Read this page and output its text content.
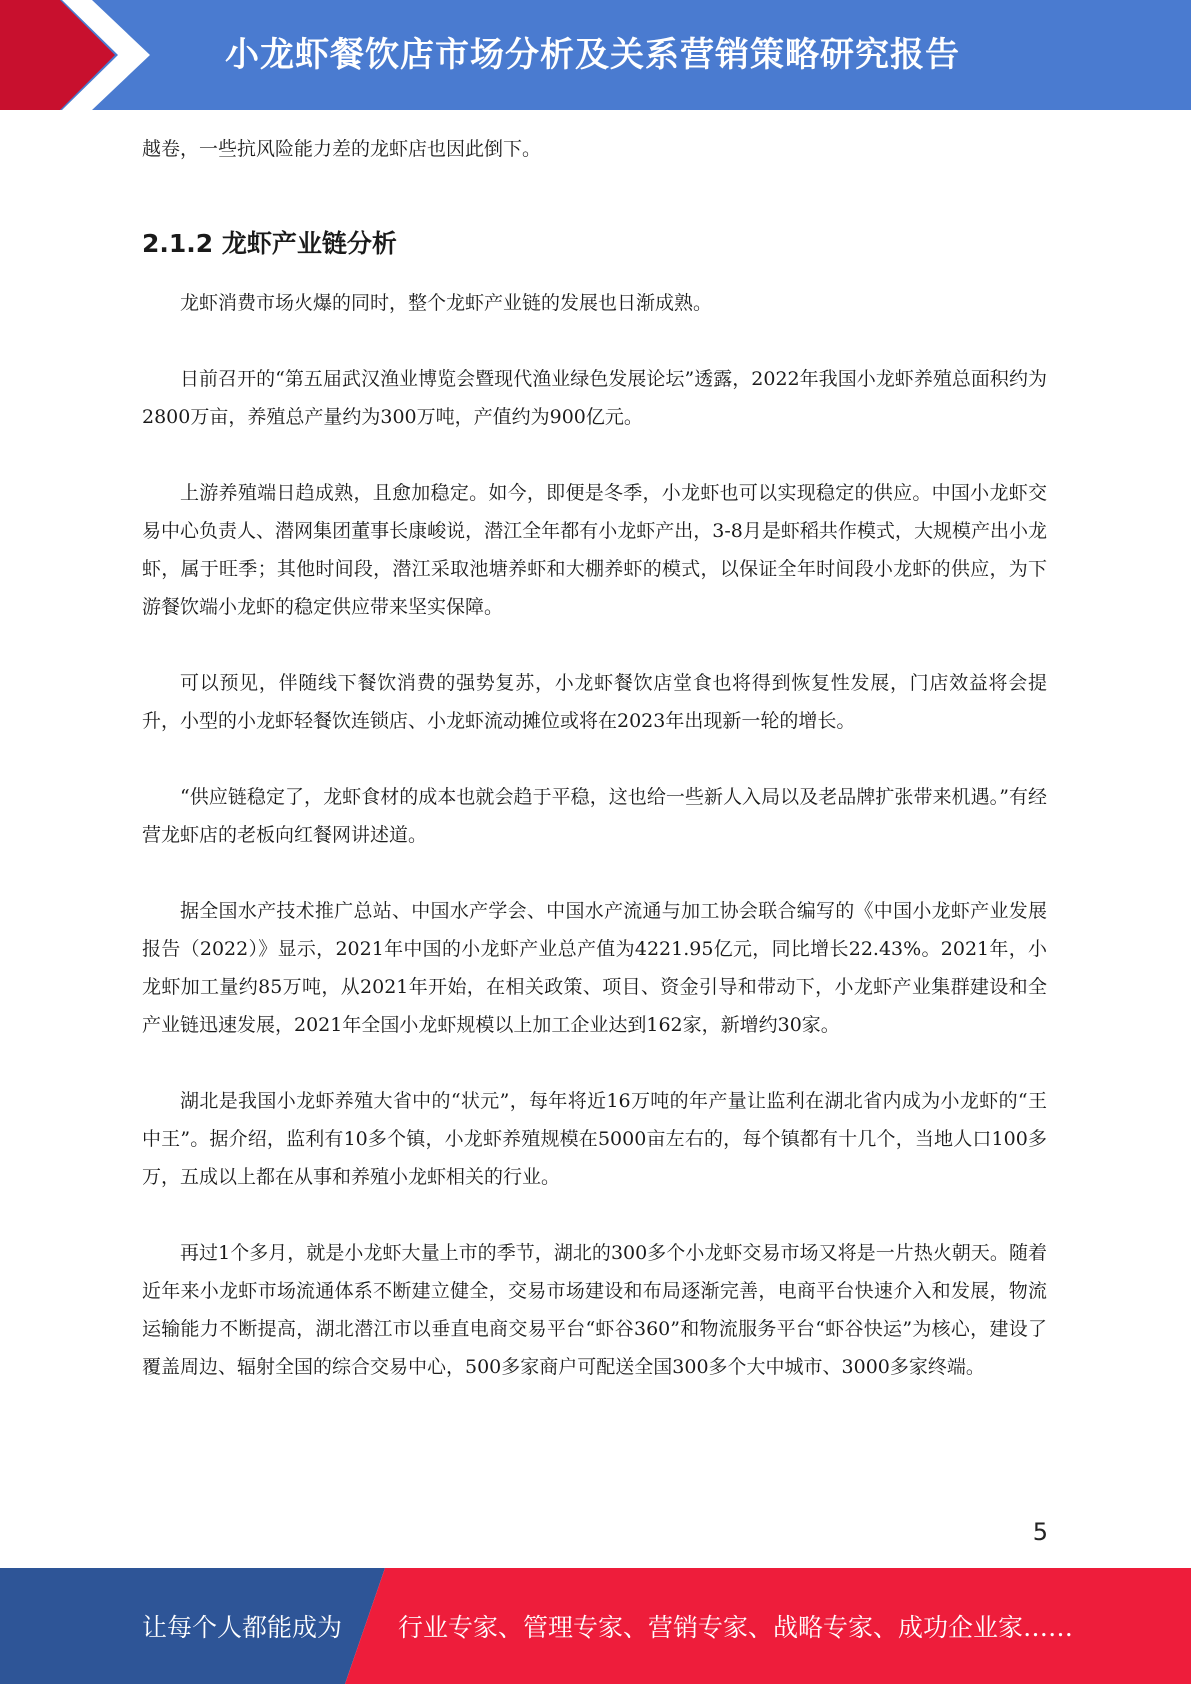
小龙虾餐饮店市场分析及关系营销策略研究报告

越卷，一些抗风险能力差的龙虾店也因此倒下。

2.1.2 龙虾产业链分析

龙虾消费市场火爆的同时，整个龙虾产业链的发展也日渐成熟。

日前召开的“第五届武汉渔业博览会暨现代渔业绿色发展论坛”透露，2022年我国小龙虾养殖总面积约为2800万亩，养殖总产量约为300万吨，产值约为900亿元。

上游养殖端日趋成熟，且愈加稳定。如今，即便是冬季，小龙虾也可以实现稳定的供应。中国小龙虾交易中心负责人、潜网集团董事长康峻说，潜江全年都有小龙虾产出，3-8月是虾稻共作模式，大规模产出小龙虾，属于旺季；其他时间段，潜江采取池塘养虾和大棚养虾的模式，以保证全年时间段小龙虾的供应，为下游餐饮端小龙虾的稳定供应带来坚实保障。

可以预见，伴随线下餐饮消费的强势复苏，小龙虾餐饮店堂食也将得到恢复性发展，门店效益将会提升，小型的小龙虾轻餐饮连锁店、小龙虾流动摊位或将在2023年出现新一轮的增长。

“供应链稳定了，龙虾食材的成本也就会趋于平稳，这也给一些新人入局以及老品牌扩张带来机遇。”有经营龙虾店的老板向红餐网讲述道。

据全国水产技术推广总站、中国水产学会、中国水产流通与加工协会联合编写的《中国小龙虾产业发展报告（2022）》显示，2021年中国的小龙虾产业总产值为4221.95亿元，同比增长22.43%。2021年，小龙虾加工量约85万吨，从2021年开始，在相关政策、项目、资金引导和带动下，小龙虾产业集群建设和全产业链迅速发展，2021年全国小龙虾规模以上加工企业达到162家，新增约30家。

湖北是我国小龙虾养殖大省中的“状元”，每年将近16万吨的年产量让监利在湖北省内成为小龙虾的“王中王”。据介绍，监利有10多个镇，小龙虾养殖规模在5000亩左右的，每个镇都有十几个，当地人口100多万，五成以上都在从事和养殖小龙虾相关的行业。

再过1个多月，就是小龙虾大量上市的季节，湖北的300多个小龙虾交易市场又将是一片热火朝天。随着近年来小龙虾市场流通体系不断建立健全，交易市场建设和布局逐渐完善，电商平台快速介入和发展，物流运输能力不断提高，湖北潜江市以垂直电商交易平台“虾谷360”和物流服务平台“虾谷快运”为核心，建设了覆盖周边、辐射全国的综合交易中心，500多家商户可配送全国300多个大中城市、3000多家终端。

5
让每个人都能成为 行业专家、管理专家、营销专家、战略专家、成功企业家……
